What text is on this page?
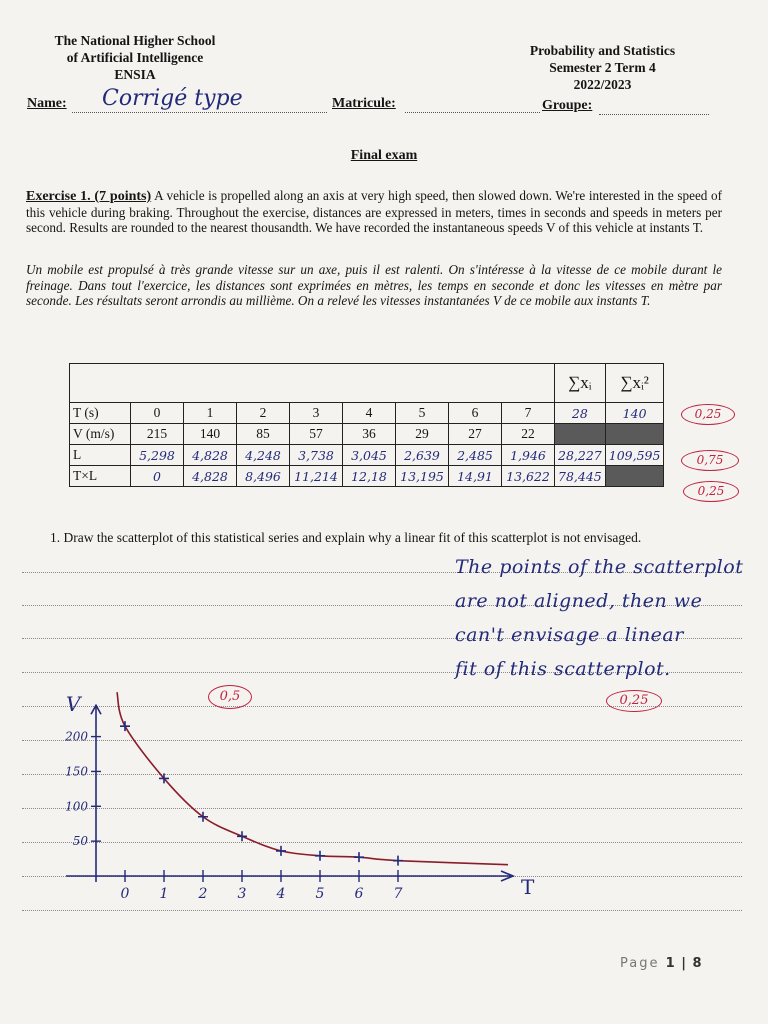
The National Higher School
of Artificial Intelligence
ENSIA
Probability and Statistics
Semester 2 Term 4
2022/2023
Name: Corrigé type	Matricule:	Groupe:
Final exam
Exercise 1. (7 points) A vehicle is propelled along an axis at very high speed, then slowed down. We're interested in the speed of this vehicle during braking. Throughout the exercise, distances are expressed in meters, times in seconds and speeds in meters per second. Results are rounded to the nearest thousandth. We have recorded the instantaneous speeds V of this vehicle at instants T.
Un mobile est propulsé à très grande vitesse sur un axe, puis il est ralenti. On s'intéresse à la vitesse de ce mobile durant le freinage. Dans tout l'exercice, les distances sont exprimées en mètres, les temps en seconde et donc les vitesses en mètre par seconde. Les résultats seront arrondis au millième. On a relevé les vitesses instantanées V de ce mobile aux instants T.
									∑xᵢ	∑xᵢ²
T (s)	0	1	2	3	4	5	6	7	28	140
V (m/s)	215	140	85	57	36	29	27	22		
L	5,298	4,828	4,248	3,738	3,045	2,639	2,485	1,946	28,227	109,595
T×L	0	4,828	8,496	11,214	12,18	13,195	14,91	13,622	78,445	
0,25
0,75
0,25
1. Draw the scatterplot of this statistical series and explain why a linear fit of this scatterplot is not envisaged.
The points of the scatterplot
are not aligned, then we
can't envisage a linear
fit of this scatterplot.
0,25
0,5
V
T
0 1 2 3 4 5 6 7
50
100
150
200
Page 1 | 8
